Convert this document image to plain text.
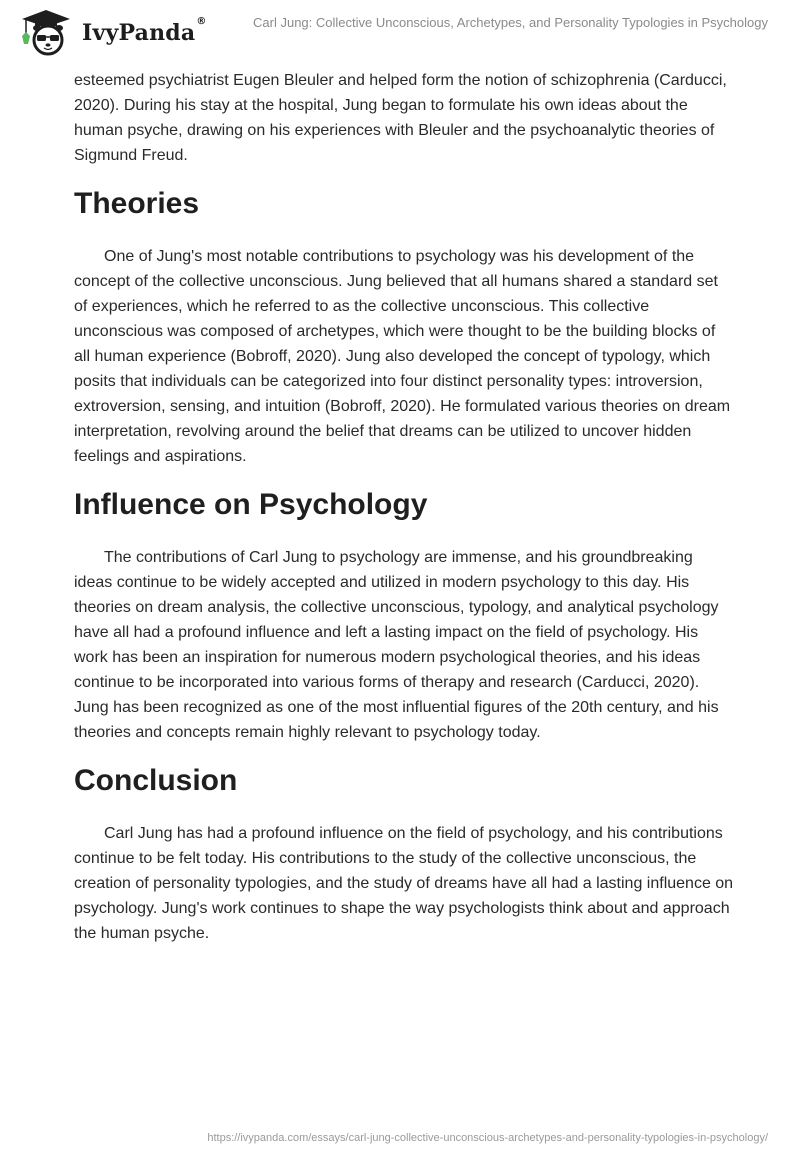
IvyPanda®	Carl Jung: Collective Unconscious, Archetypes, and Personality Typologies in Psychology

esteemed psychiatrist Eugen Bleuler and helped form the notion of schizophrenia (Carducci, 2020). During his stay at the hospital, Jung began to formulate his own ideas about the human psyche, drawing on his experiences with Bleuler and the psychoanalytic theories of Sigmund Freud.

Theories

One of Jung's most notable contributions to psychology was his development of the concept of the collective unconscious. Jung believed that all humans shared a standard set of experiences, which he referred to as the collective unconscious. This collective unconscious was composed of archetypes, which were thought to be the building blocks of all human experience (Bobroff, 2020). Jung also developed the concept of typology, which posits that individuals can be categorized into four distinct personality types: introversion, extroversion, sensing, and intuition (Bobroff, 2020). He formulated various theories on dream interpretation, revolving around the belief that dreams can be utilized to uncover hidden feelings and aspirations.

Influence on Psychology

The contributions of Carl Jung to psychology are immense, and his groundbreaking ideas continue to be widely accepted and utilized in modern psychology to this day. His theories on dream analysis, the collective unconscious, typology, and analytical psychology have all had a profound influence and left a lasting impact on the field of psychology. His work has been an inspiration for numerous modern psychological theories, and his ideas continue to be incorporated into various forms of therapy and research (Carducci, 2020). Jung has been recognized as one of the most influential figures of the 20th century, and his theories and concepts remain highly relevant to psychology today.

Conclusion

Carl Jung has had a profound influence on the field of psychology, and his contributions continue to be felt today. His contributions to the study of the collective unconscious, the creation of personality typologies, and the study of dreams have all had a lasting influence on psychology. Jung's work continues to shape the way psychologists think about and approach the human psyche.

https://ivypanda.com/essays/carl-jung-collective-unconscious-archetypes-and-personality-typologies-in-psychology/
